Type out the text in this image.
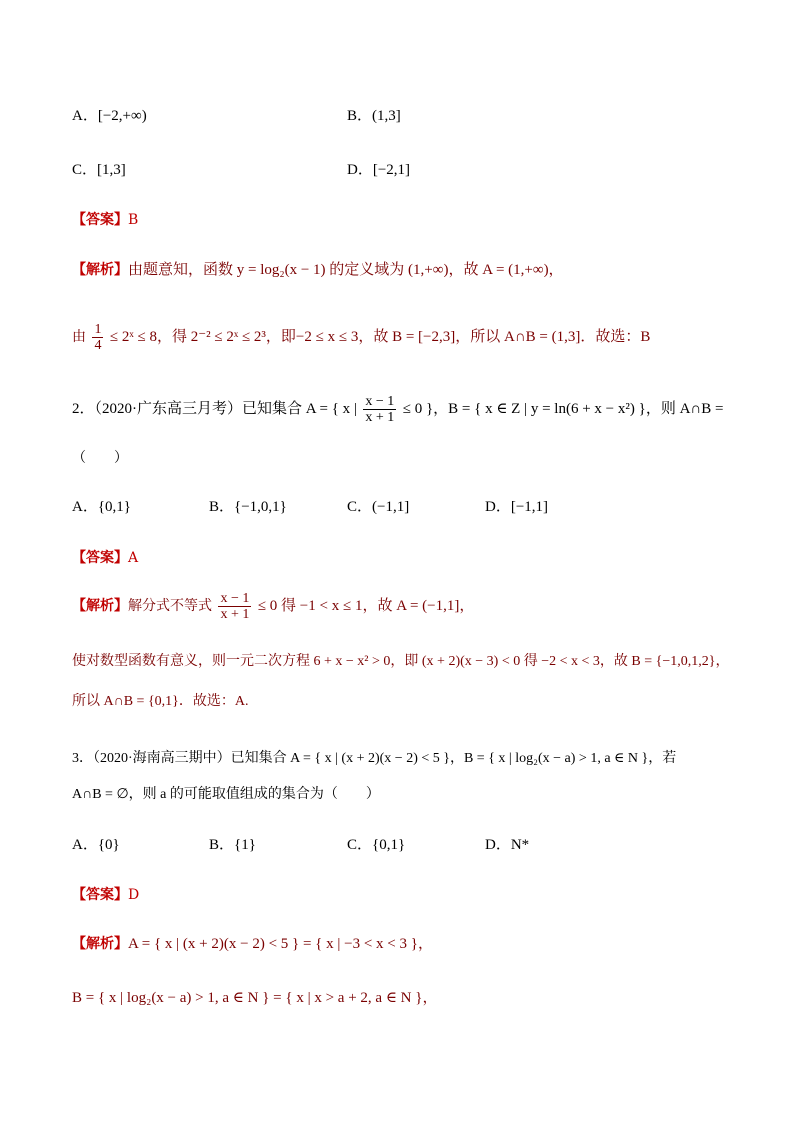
A．[−2,+∞)	B．(1,3]
C．[1,3]	D．[−2,1]
【答案】B
【解析】由题意知，函数 y = log₂(x − 1) 的定义域为 (1,+∞)，故 A = (1,+∞)，
由 $\frac{1}{4}$ ≤ 2ˣ ≤ 8，得 2⁻² ≤ 2ˣ ≤ 2³，即−2 ≤ x ≤ 3，故 B = [−2,3]，所以 A∩B = (1,3]．故选：B
2．（2020·广东高三月考）已知集合 A = { x | $\frac{x - 1}{x + 1} \le 0$ }，B = { x ∈ Z | y = ln(6 + x − x²) }，则 A∩B =
（　　）
A．{0,1}	B．{−1,0,1}	C．(−1,1]	D．[−1,1]
【答案】A
【解析】解分式不等式 $\frac{x - 1}{x + 1} \le 0$ 得 −1 < x ≤ 1，故 A = (−1,1]，
使对数型函数有意义，则一元二次方程 6 + x − x² > 0，即 (x + 2)(x − 3) < 0 得 −2 < x < 3，故 B = {−1,0,1,2}，
所以 A∩B = {0,1}．故选：A.
3．（2020·海南高三期中）已知集合 A = { x | (x + 2)(x − 2) < 5 }，B = { x | log₂(x − a) > 1, a ∈ N }，若
A∩B = ∅，则 a 的可能取值组成的集合为（　　）
A．{0}	B．{1}	C．{0,1}	D．N*
【答案】D
【解析】A = { x | (x + 2)(x − 2) < 5 } = { x | −3 < x < 3 }，
B = { x | log₂(x − a) > 1, a ∈ N } = { x | x > a + 2, a ∈ N }，
